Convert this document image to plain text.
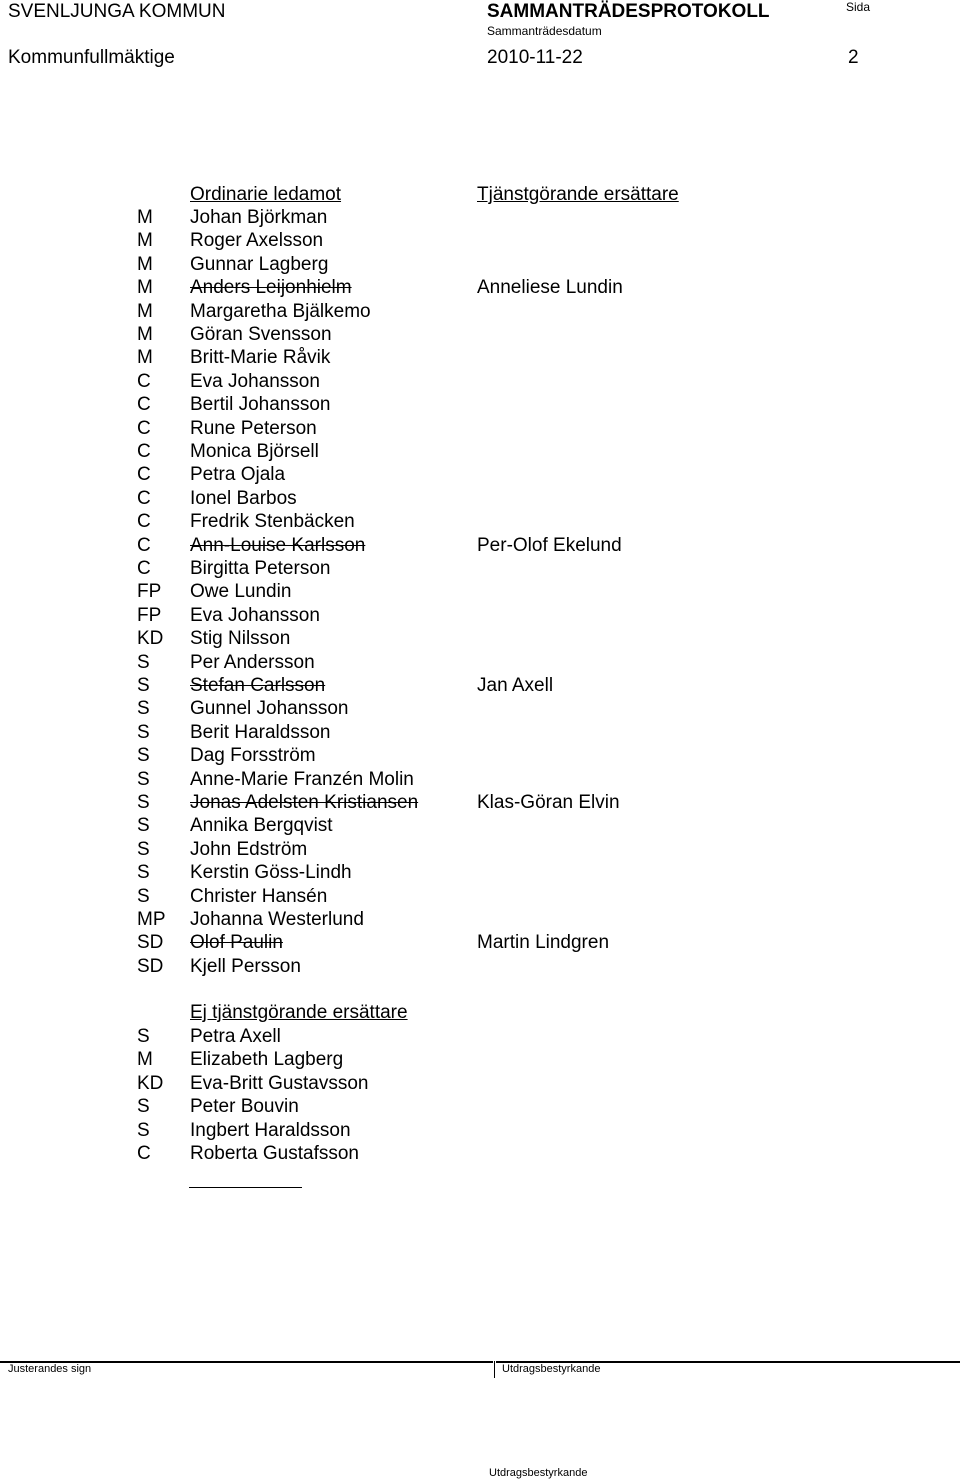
SVENLJUNGA KOMMUN	SAMMANTRÄDESPROTOKOLL	Sida
Sammanträdesdatum
Kommunfullmäktige	2010-11-22	2
Ordinarie ledamot	Tjänstgörande ersättare
M Johan Björkman
M Roger Axelsson
M Gunnar Lagberg
M Anders Leijonhielm	Anneliese Lundin
M Margaretha Bjälkemo
M Göran Svensson
M Britt-Marie Råvik
C Eva Johansson
C Bertil Johansson
C Rune Peterson
C Monica Björsell
C Petra Ojala
C Ionel Barbos
C Fredrik Stenbäcken
C Ann-Louise Karlsson	Per-Olof Ekelund
C Birgitta Peterson
FP Owe Lundin
FP Eva Johansson
KD Stig Nilsson
S Per Andersson
S Stefan Carlsson	Jan Axell
S Gunnel Johansson
S Berit Haraldsson
S Dag Forsström
S Anne-Marie Franzén Molin
S Jonas Adelsten Kristiansen	Klas-Göran Elvin
S Annika Bergqvist
S John Edström
S Kerstin Göss-Lindh
S Christer Hansén
MP Johanna Westerlund
SD Olof Paulin	Martin Lindgren
SD Kjell Persson
Ej tjänstgörande ersättare
S Petra Axell
M Elizabeth Lagberg
KD Eva-Britt Gustavsson
S Peter Bouvin
S Ingbert Haraldsson
C Roberta Gustafsson
Justerandes sign	Utdragsbestyrkande
Utdragsbestyrkande
